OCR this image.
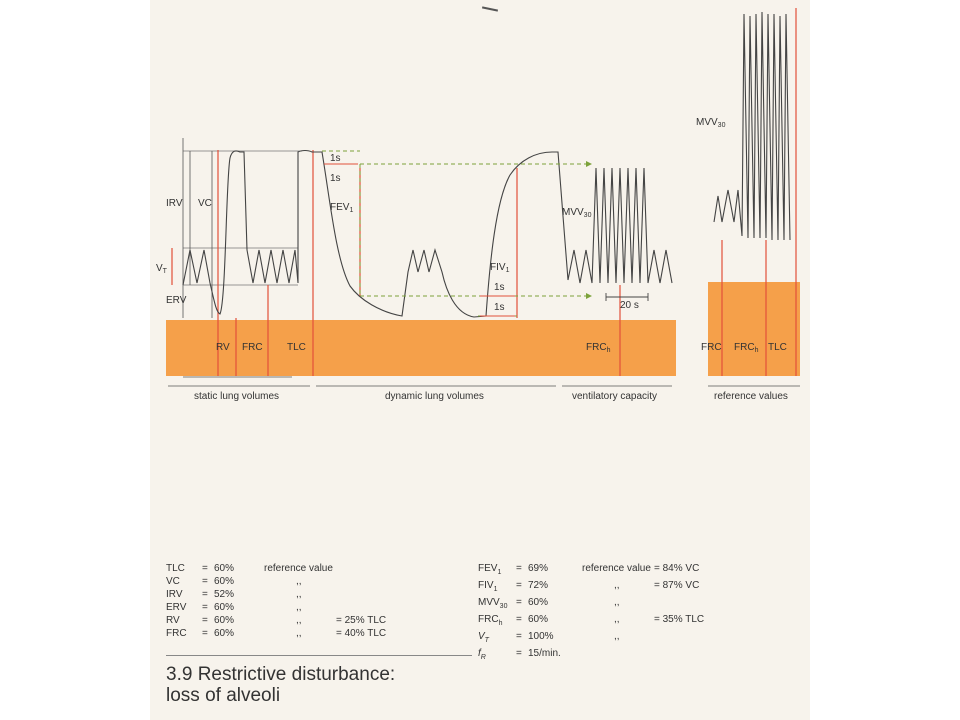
IRV VC
$V_T$
ERV
RV FRC TLC
1s
1s
$FEV_1$
$FIV_1$
1s
1s
$MVV_{30}$
20 s
$FRC_h$
$MVV_{30}$
FRC $FRC_h$ TLC
static lung volumes	dynamic lung volumes	ventilatory capacity	reference values
TLC	= 60%	reference value
VC	= 60%	,,
IRV	= 52%	,,
ERV	= 60%	,,
RV	= 60%	,,	= 25% TLC
FRC	= 60%	,,	= 40% TLC
$FEV_1$	= 69%	reference value = 84% VC
$FIV_1$	= 72%	,,	= 87% VC
$MVV_{30} = 60\%$	,,
$FRC_h$	= 60%	,,	= 35% TLC
$V_T$	= 100%	,,
$f_R$	= 15/min.
3.9 Restrictive disturbance:
loss of alveoli
